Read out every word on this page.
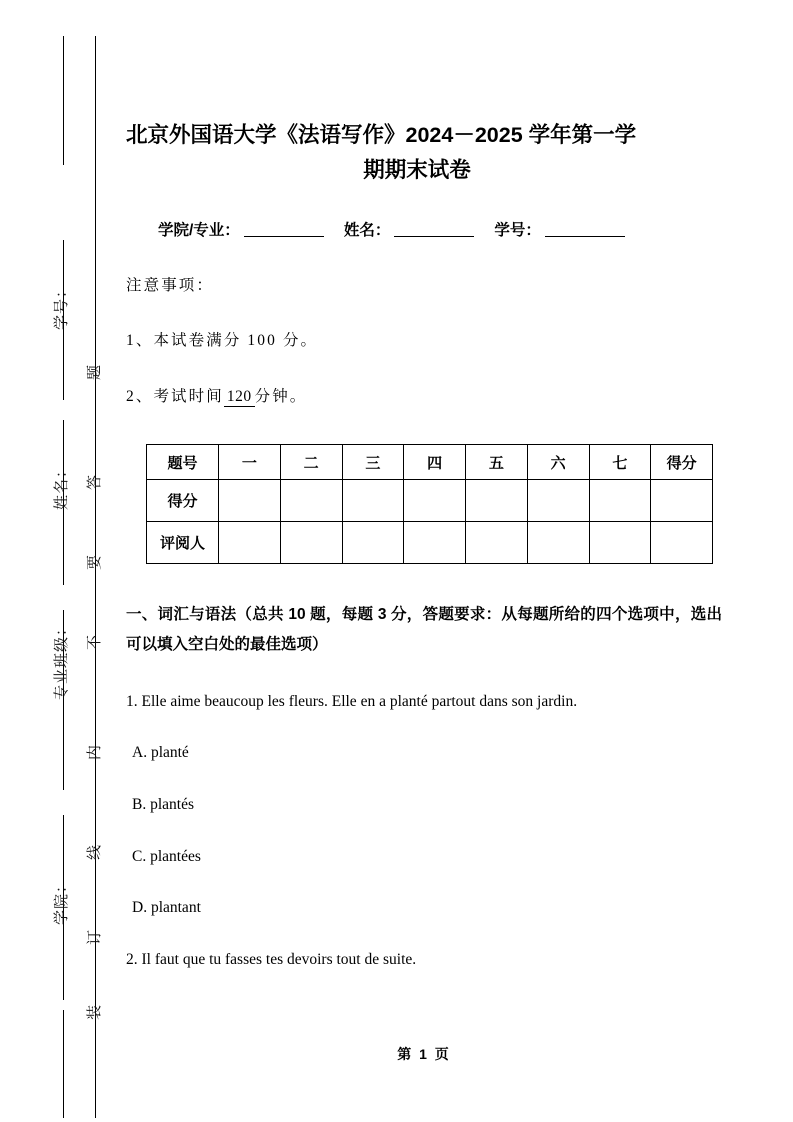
学号：
姓名：
专业班级：
学院：
题
答
要
不
内
线
订
装
北京外国语大学《法语写作》2024－2025 学年第一学
期期末试卷
学院/专业：	姓名：	学号：
注意事项：
1、本试卷满分 100 分。
2、考试时间 120 分钟。
题号	一	二	三	四	五	六	七	得分
得分								
评阅人								
一、词汇与语法（总共 10 题，每题 3 分，答题要求：从每题所给的四个选项中，选出可以填入空白处的最佳选项）
1. Elle aime beaucoup les fleurs. Elle en a planté partout dans son jardin.
A. planté
B. plantés
C. plantées
D. plantant
2. Il faut que tu fasses tes devoirs tout de suite.
第 1 页
